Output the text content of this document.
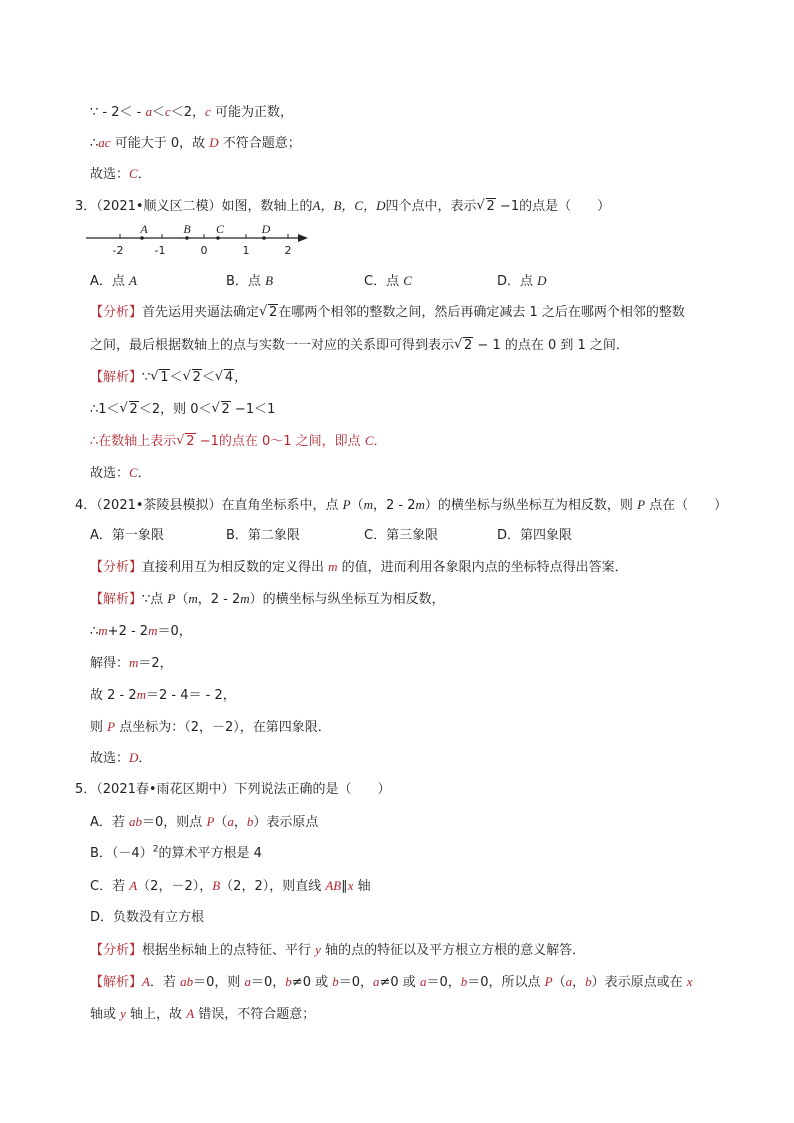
∵ - 2＜ - a＜c＜2，c 可能为正数，
∴ac 可能大于 0，故 D 不符合题意；
故选：C．
3．（2021•顺义区二模）如图，数轴上的A，B，C，D四个点中，表示 √ 2 −1的点是（　　）
-2	-1	0	1	2
A	B C	D
A．点 A	B．点 B	C．点 C	D．点 D
【分析】首先运用夹逼法确定 √ 2在哪两个相邻的整数之间，然后再确定减去 1 之后在哪两个相邻的整数
之间，最后根据数轴上的点与实数一一对应的关系即可得到表示 √ 2 − 1 的点在 0 到 1 之间．
【解析】∵ √ 1＜ √ 2＜ √ 4，
∴1＜ √ 2＜2，则 0＜ √ 2 −1＜1
∴在数轴上表示 √ 2 −1的点在 0～1 之间，即点 C．
故选：C．
4．（2021•茶陵县模拟）在直角坐标系中，点 P（m，2 - 2m）的横坐标与纵坐标互为相反数，则 P 点在（　　）
A．第一象限	B．第二象限	C．第三象限	D．第四象限
【分析】直接利用互为相反数的定义得出 m 的值，进而利用各象限内点的坐标特点得出答案．
【解析】∵点 P（m，2 - 2m）的横坐标与纵坐标互为相反数，
∴m+2 - 2m＝0，
解得：m＝2，
故 2 - 2m＝2 - 4＝ - 2，
则 P 点坐标为：（2，－2），在第四象限．
故选：D．
5．（2021春•雨花区期中）下列说法正确的是（　　）
A．若 ab＝0，则点 P（a，b）表示原点
B．$(-4)^2$的算术平方根是 4
C．若 A（2，－2），B（2，2），则直线 AB∥x 轴
D．负数没有立方根
【分析】根据坐标轴上的点特征、平行 y 轴的点的特征以及平方根立方根的意义解答．
【解析】A．若 ab＝0，则 a＝0，b≠0 或 b＝0，a≠0 或 a＝0，b＝0，所以点 P（a，b）表示原点或在 x
轴或 y 轴上，故 A 错误，不符合题意；
